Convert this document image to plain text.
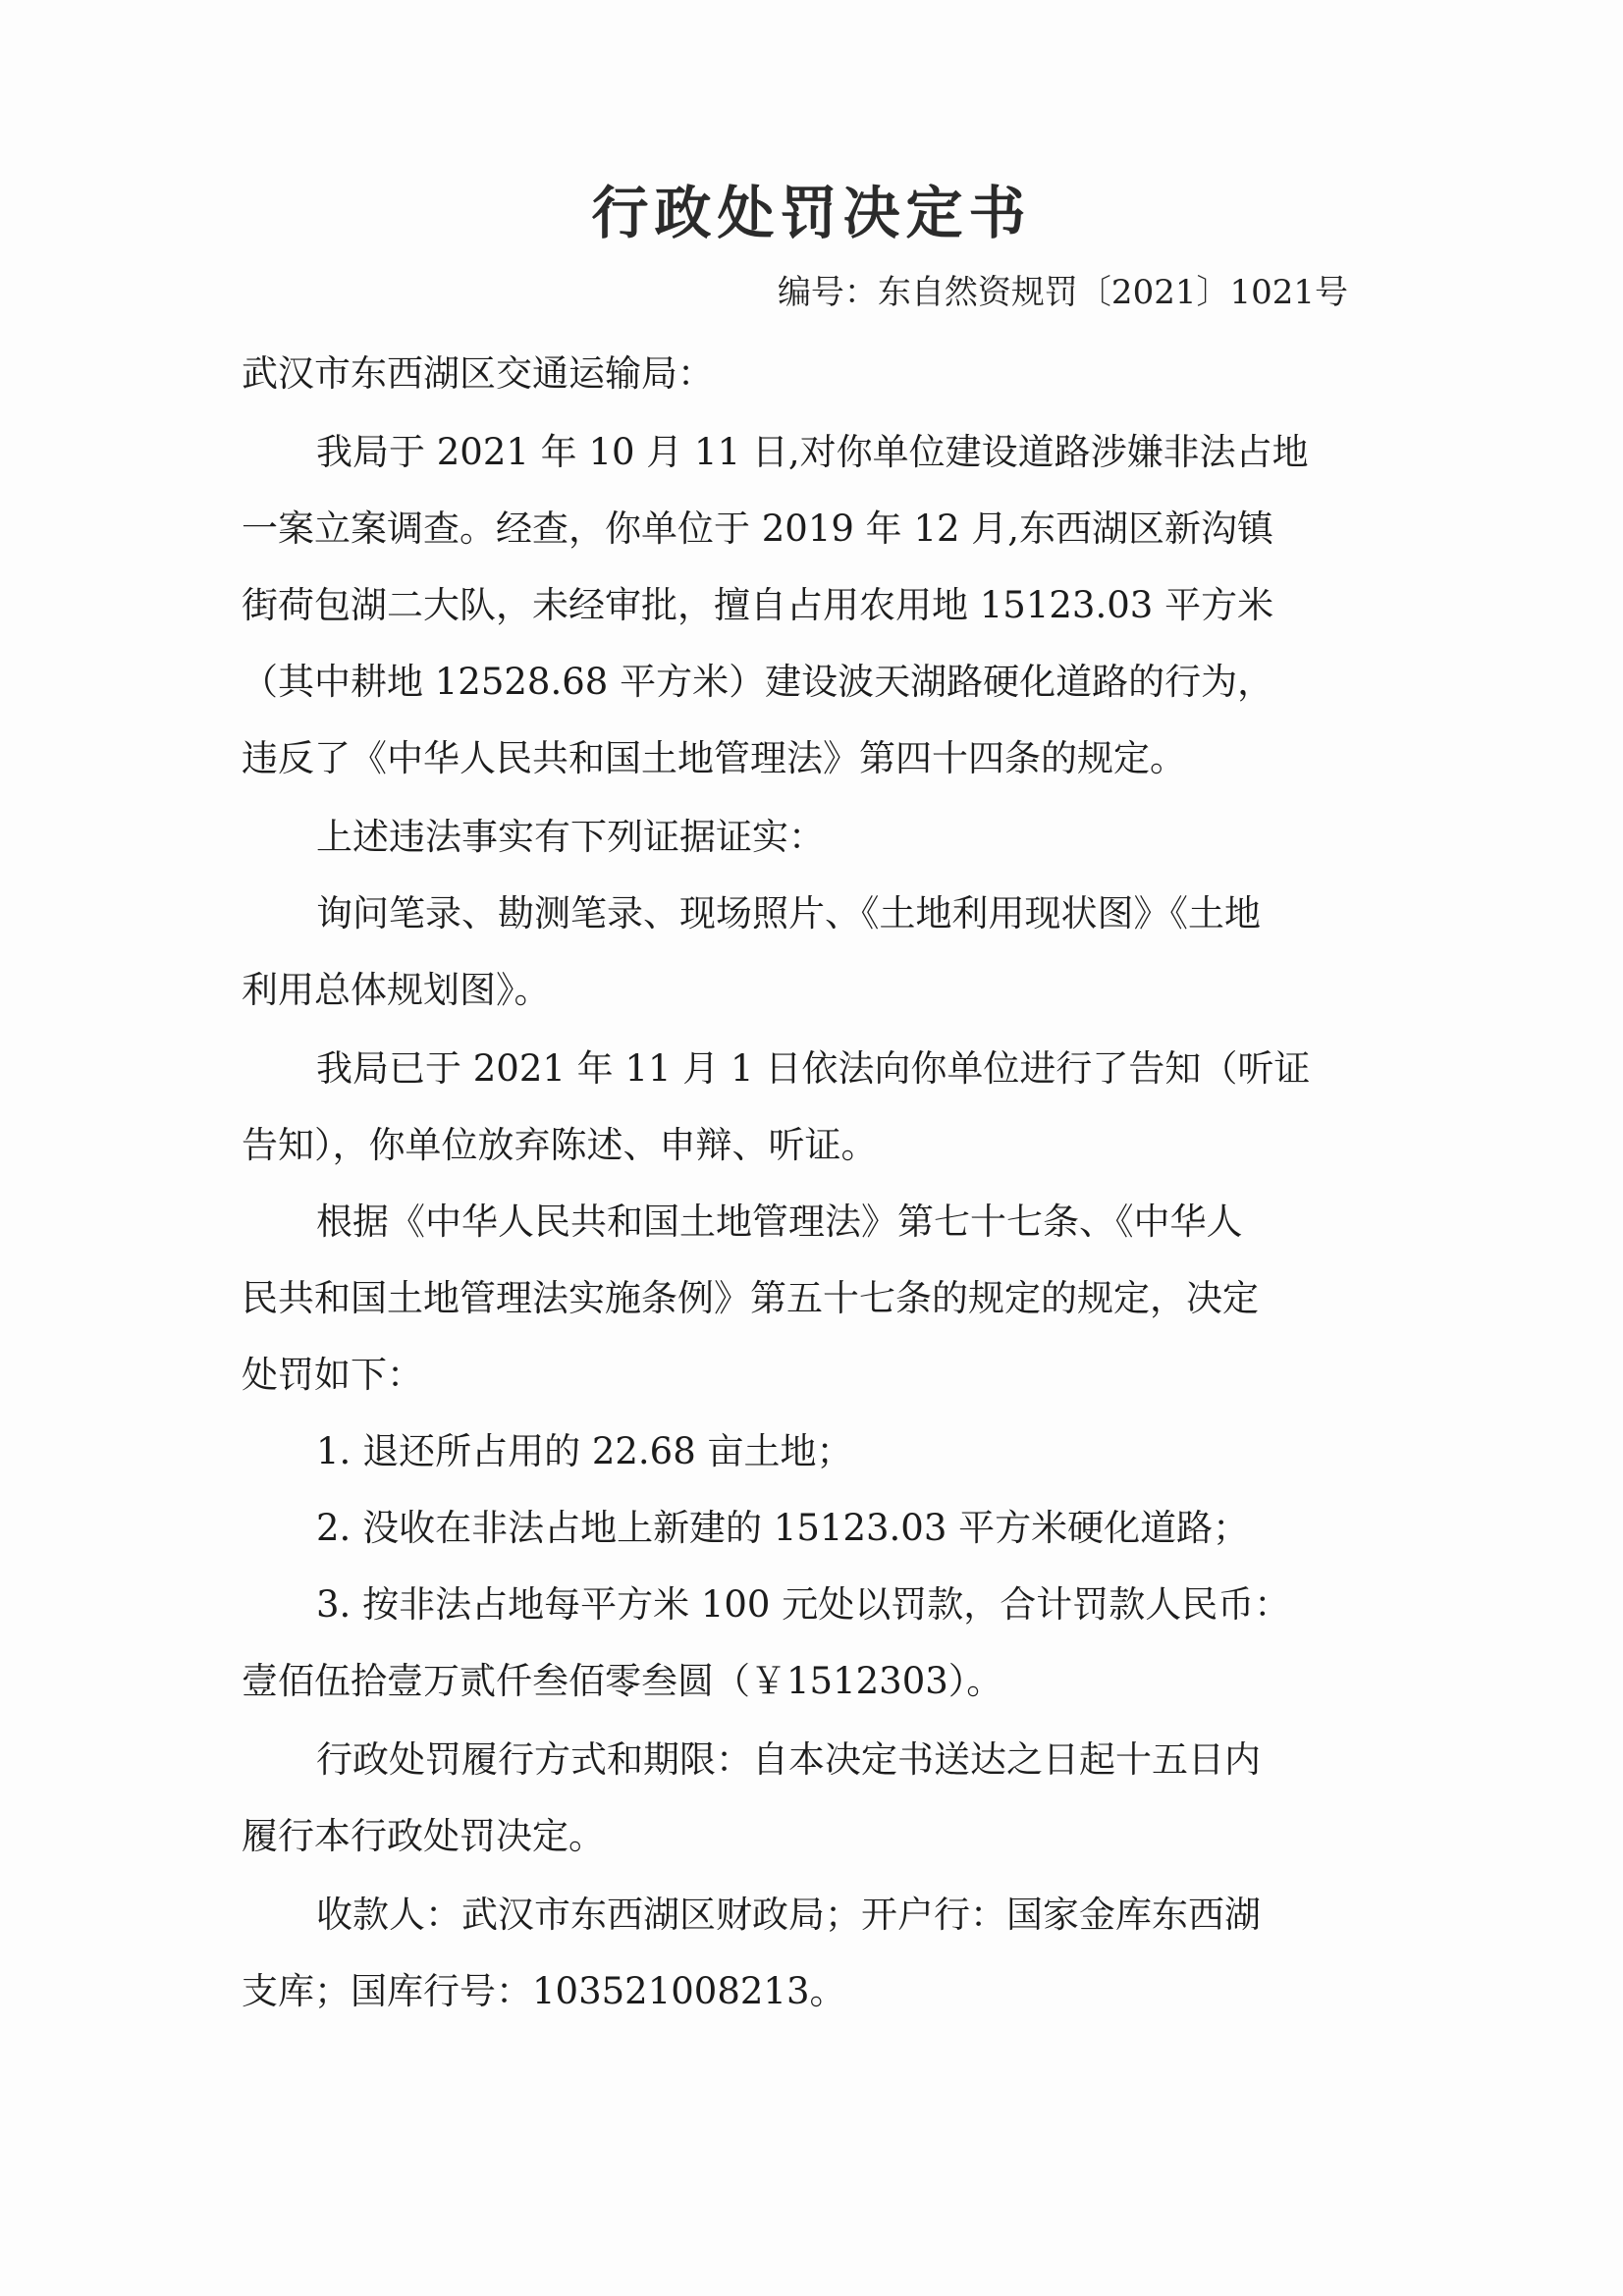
行政处罚决定书
编号：东自然资规罚〔2021〕1021号
武汉市东西湖区交通运输局：
我局于 2021 年 10 月 11 日,对你单位建设道路涉嫌非法占地
一案立案调查。经查，你单位于 2019 年 12 月,东西湖区新沟镇
街荷包湖二大队，未经审批，擅自占用农用地 15123.03 平方米
（其中耕地 12528.68 平方米）建设波天湖路硬化道路的行为，
违反了《中华人民共和国土地管理法》第四十四条的规定。
上述违法事实有下列证据证实：
询问笔录、勘测笔录、现场照片、《土地利用现状图》《土地
利用总体规划图》。
我局已于 2021 年 11 月 1 日依法向你单位进行了告知（听证
告知），你单位放弃陈述、申辩、听证。
根据《中华人民共和国土地管理法》第七十七条、《中华人
民共和国土地管理法实施条例》第五十七条的规定的规定，决定
处罚如下：
1. 退还所占用的 22.68 亩土地；
2. 没收在非法占地上新建的 15123.03 平方米硬化道路；
3. 按非法占地每平方米 100 元处以罚款，合计罚款人民币：
壹佰伍拾壹万贰仟叁佰零叁圆（￥1512303）。
行政处罚履行方式和期限：自本决定书送达之日起十五日内
履行本行政处罚决定。
收款人：武汉市东西湖区财政局；开户行：国家金库东西湖
支库；国库行号：103521008213。
